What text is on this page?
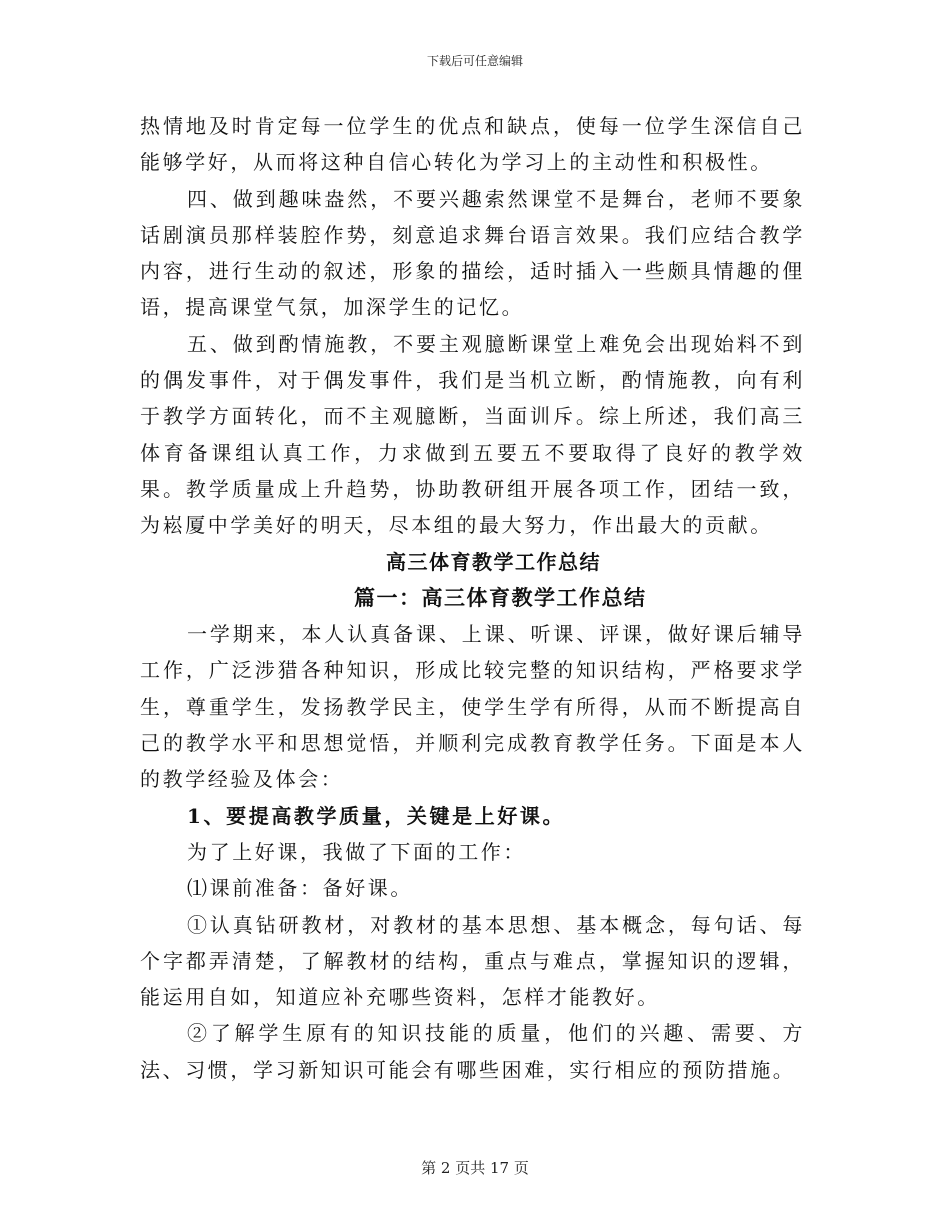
下载后可任意编辑

热情地及时肯定每一位学生的优点和缺点，使每一位学生深信自己能够学好，从而将这种自信心转化为学习上的主动性和积极性。

四、做到趣味盎然，不要兴趣索然课堂不是舞台，老师不要象话剧演员那样装腔作势，刻意追求舞台语言效果。我们应结合教学内容，进行生动的叙述，形象的描绘，适时插入一些颇具情趣的俚语，提高课堂气氛，加深学生的记忆。

五、做到酌情施教，不要主观臆断课堂上难免会出现始料不到的偶发事件，对于偶发事件，我们是当机立断，酌情施教，向有利于教学方面转化，而不主观臆断，当面训斥。综上所述，我们高三体育备课组认真工作，力求做到五要五不要取得了良好的教学效果。教学质量成上升趋势，协助教研组开展各项工作，团结一致，为崧厦中学美好的明天，尽本组的最大努力，作出最大的贡献。

高三体育教学工作总结

篇一：高三体育教学工作总结

一学期来，本人认真备课、上课、听课、评课，做好课后辅导工作，广泛涉猎各种知识，形成比较完整的知识结构，严格要求学生，尊重学生，发扬教学民主，使学生学有所得，从而不断提高自己的教学水平和思想觉悟，并顺利完成教育教学任务。下面是本人的教学经验及体会：

1、要提高教学质量，关键是上好课。

为了上好课，我做了下面的工作：

⑴课前准备：备好课。

①认真钻研教材，对教材的基本思想、基本概念，每句话、每个字都弄清楚，了解教材的结构，重点与难点，掌握知识的逻辑，能运用自如，知道应补充哪些资料，怎样才能教好。

②了解学生原有的知识技能的质量，他们的兴趣、需要、方法、习惯，学习新知识可能会有哪些困难，实行相应的预防措施。

第 2 页共 17 页
